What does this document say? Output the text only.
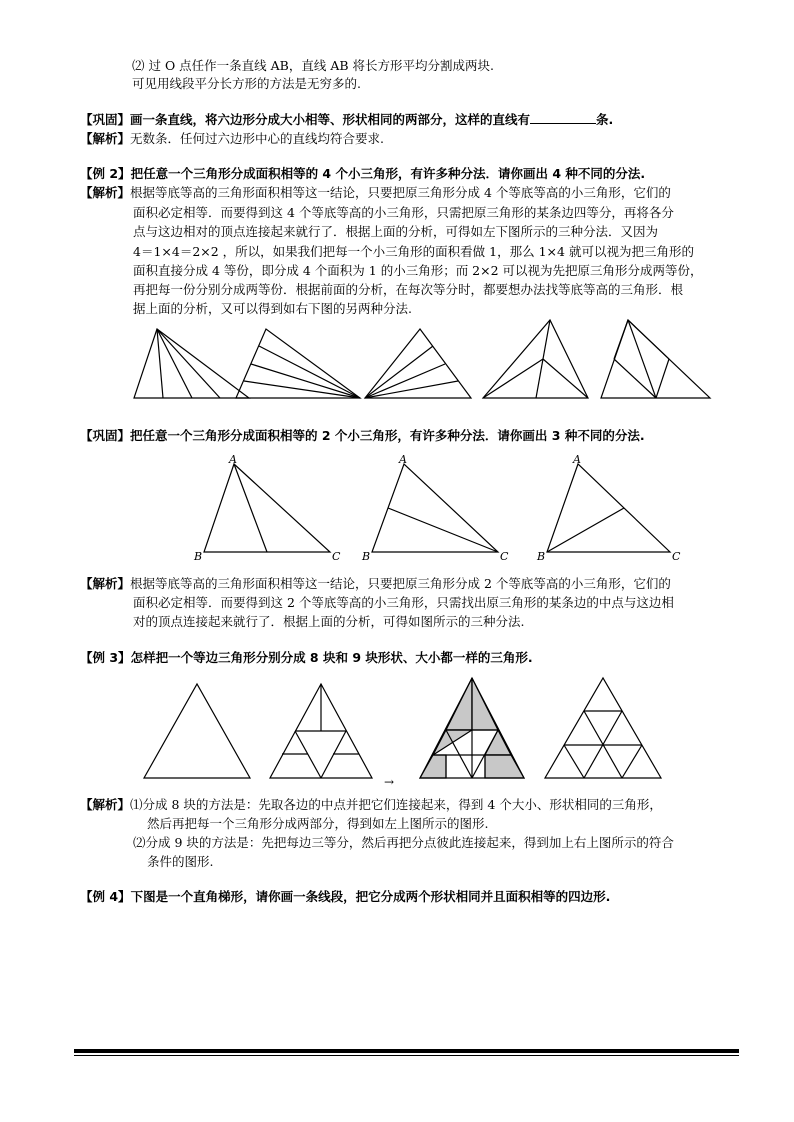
⑵ 过 O 点任作一条直线 AB，直线 AB 将长方形平均分割成两块.
可见用线段平分长方形的方法是无穷多的.
【巩固】画一条直线，将六边形分成大小相等、形状相同的两部分，这样的直线有	条.
【解析】无数条．任何过六边形中心的直线均符合要求.
【例 2】把任意一个三角形分成面积相等的 4 个小三角形，有许多种分法．请你画出 4 种不同的分法.
【解析】根据等底等高的三角形面积相等这一结论，只要把原三角形分成 4 个等底等高的小三角形，它们的
面积必定相等．而要得到这 4 个等底等高的小三角形，只需把原三角形的某条边四等分，再将各分
点与这边相对的顶点连接起来就行了．根据上面的分析，可得如左下图所示的三种分法．又因为
4＝1×4＝2×2 ，所以，如果我们把每一个小三角形的面积看做 1，那么 1×4 就可以视为把三角形的
面积直接分成 4 等份，即分成 4 个面积为 1 的小三角形；而 2×2 可以视为先把原三角形分成两等份，
再把每一份分别分成两等份．根据前面的分析，在每次等分时，都要想办法找等底等高的三角形．根
据上面的分析，又可以得到如右下图的另两种分法.
【巩固】把任意一个三角形分成面积相等的 2 个小三角形，有许多种分法．请你画出 3 种不同的分法.
A
B	C
A
B	C
A
B	C
【解析】根据等底等高的三角形面积相等这一结论，只要把原三角形分成 2 个等底等高的小三角形，它们的
面积必定相等．而要得到这 2 个等底等高的小三角形，只需找出原三角形的某条边的中点与这边相
对的顶点连接起来就行了．根据上面的分析，可得如图所示的三种分法.
【例 3】怎样把一个等边三角形分别分成 8 块和 9 块形状、大小都一样的三角形.
→
【解析】⑴分成 8 块的方法是：先取各边的中点并把它们连接起来，得到 4 个大小、形状相同的三角形，
然后再把每一个三角形分成两部分，得到如左上图所示的图形.
⑵分成 9 块的方法是：先把每边三等分，然后再把分点彼此连接起来，得到加上右上图所示的符合
条件的图形.
【例 4】下图是一个直角梯形，请你画一条线段，把它分成两个形状相同并且面积相等的四边形.
